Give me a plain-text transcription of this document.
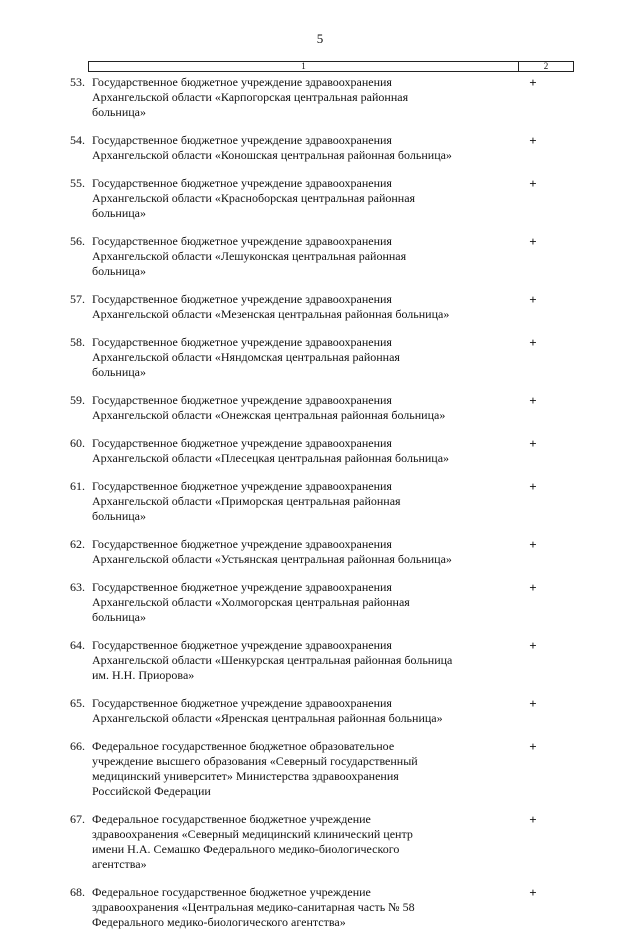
5
1	2
53. Государственное бюджетное учреждение здравоохранения
Архангельской области «Карпогорская центральная районная
больница»
+
54. Государственное бюджетное учреждение здравоохранения
Архангельской области «Коношская центральная районная больница»
+
55. Государственное бюджетное учреждение здравоохранения
Архангельской области «Красноборская центральная районная
больница»
+
56. Государственное бюджетное учреждение здравоохранения
Архангельской области «Лешуконская центральная районная
больница»
+
57. Государственное бюджетное учреждение здравоохранения
Архангельской области «Мезенская центральная районная больница»
+
58. Государственное бюджетное учреждение здравоохранения
Архангельской области «Няндомская центральная районная
больница»
+
59. Государственное бюджетное учреждение здравоохранения
Архангельской области «Онежская центральная районная больница»
+
60. Государственное бюджетное учреждение здравоохранения
Архангельской области «Плесецкая центральная районная больница»
+
61. Государственное бюджетное учреждение здравоохранения
Архангельской области «Приморская центральная районная
больница»
+
62. Государственное бюджетное учреждение здравоохранения
Архангельской области «Устьянская центральная районная больница»
+
63. Государственное бюджетное учреждение здравоохранения
Архангельской области «Холмогорская центральная районная
больница»
+
64. Государственное бюджетное учреждение здравоохранения
Архангельской области «Шенкурская центральная районная больница
им. Н.Н. Приорова»
+
65. Государственное бюджетное учреждение здравоохранения
Архангельской области «Яренская центральная районная больница»
+
66. Федеральное государственное бюджетное образовательное
учреждение высшего образования «Северный государственный
медицинский университет» Министерства здравоохранения
Российской Федерации
+
67. Федеральное государственное бюджетное учреждение
здравоохранения «Северный медицинский клинический центр
имени Н.А. Семашко Федерального медико-биологического
агентства»
+
68. Федеральное государственное бюджетное учреждение
здравоохранения «Центральная медико-санитарная часть № 58
Федерального медико-биологического агентства»
+
